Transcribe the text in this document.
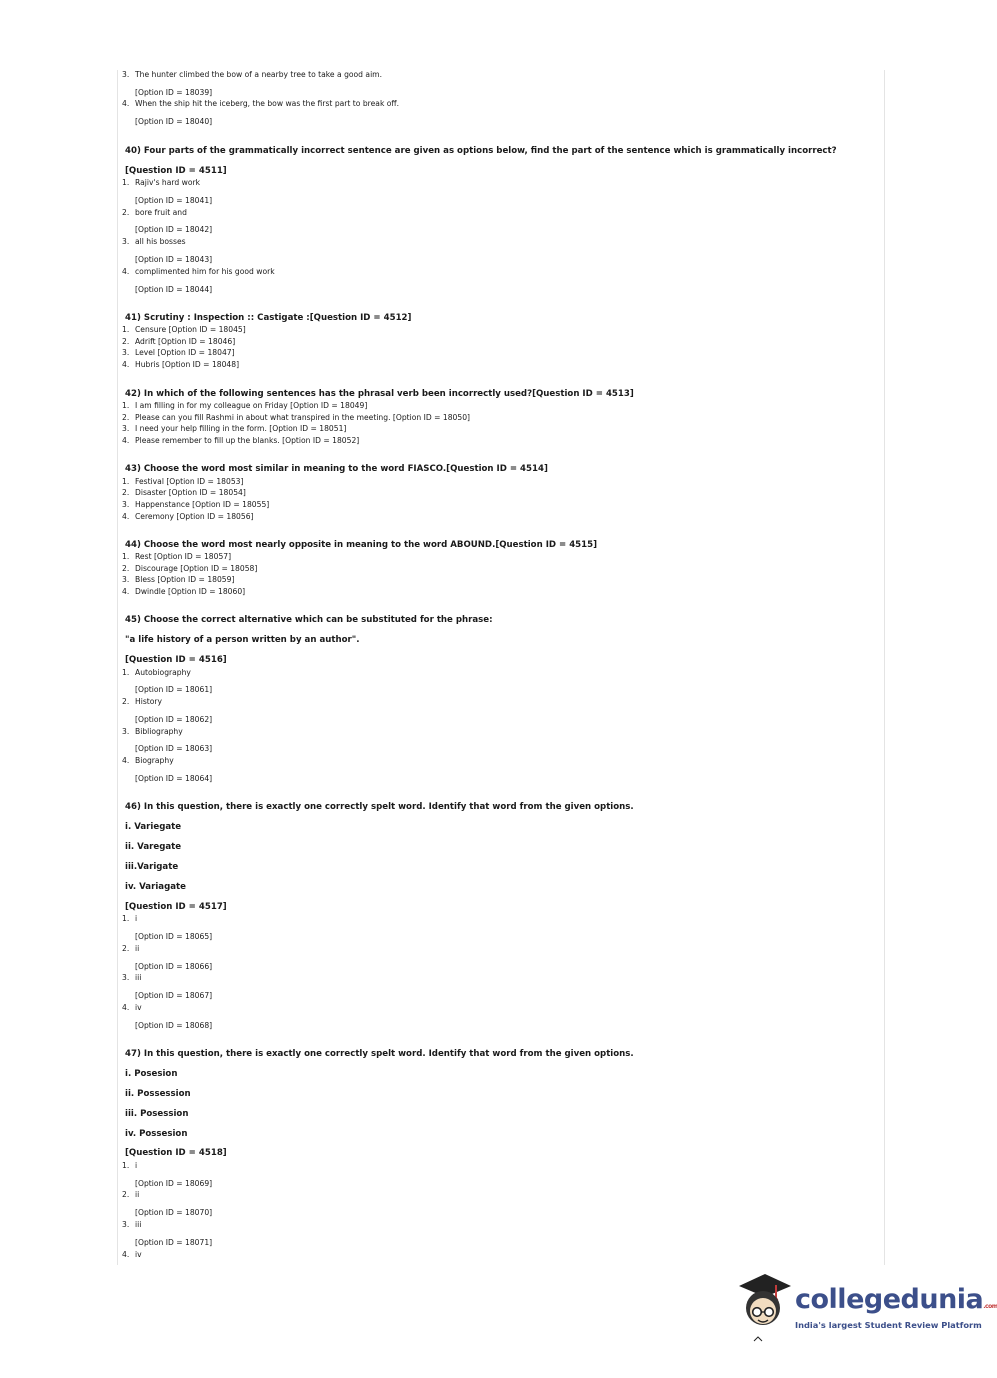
3. The hunter climbed the bow of a nearby tree to take a good aim.
[Option ID = 18039]
4. When the ship hit the iceberg, the bow was the first part to break off.
[Option ID = 18040]
40) Four parts of the grammatically incorrect sentence are given as options below, find the part of the sentence which is grammatically incorrect?
[Question ID = 4511]
1. Rajiv's hard work
[Option ID = 18041]
2. bore fruit and
[Option ID = 18042]
3. all his bosses
[Option ID = 18043]
4. complimented him for his good work
[Option ID = 18044]
41) Scrutiny : Inspection :: Castigate :[Question ID = 4512]
1. Censure [Option ID = 18045]
2. Adrift [Option ID = 18046]
3. Level [Option ID = 18047]
4. Hubris [Option ID = 18048]
42) In which of the following sentences has the phrasal verb been incorrectly used?[Question ID = 4513]
1. I am filling in for my colleague on Friday [Option ID = 18049]
2. Please can you fill Rashmi in about what transpired in the meeting. [Option ID = 18050]
3. I need your help filling in the form. [Option ID = 18051]
4. Please remember to fill up the blanks. [Option ID = 18052]
43) Choose the word most similar in meaning to the word FIASCO.[Question ID = 4514]
1. Festival [Option ID = 18053]
2. Disaster [Option ID = 18054]
3. Happenstance [Option ID = 18055]
4. Ceremony [Option ID = 18056]
44) Choose the word most nearly opposite in meaning to the word ABOUND.[Question ID = 4515]
1. Rest [Option ID = 18057]
2. Discourage [Option ID = 18058]
3. Bless [Option ID = 18059]
4. Dwindle [Option ID = 18060]
45) Choose the correct alternative which can be substituted for the phrase:
"a life history of a person written by an author".
[Question ID = 4516]
1. Autobiography
[Option ID = 18061]
2. History
[Option ID = 18062]
3. Bibliography
[Option ID = 18063]
4. Biography
[Option ID = 18064]
46) In this question, there is exactly one correctly spelt word. Identify that word from the given options.
i. Variegate
ii. Varegate
iii.Varigate
iv. Variagate
[Question ID = 4517]
1. i
[Option ID = 18065]
2. ii
[Option ID = 18066]
3. iii
[Option ID = 18067]
4. iv
[Option ID = 18068]
47) In this question, there is exactly one correctly spelt word. Identify that word from the given options.
i. Posesion
ii. Possession
iii. Posession
iv. Possesion
[Question ID = 4518]
1. i
[Option ID = 18069]
2. ii
[Option ID = 18070]
3. iii
[Option ID = 18071]
4. iv
collegedunia.com
India's largest Student Review Platform
